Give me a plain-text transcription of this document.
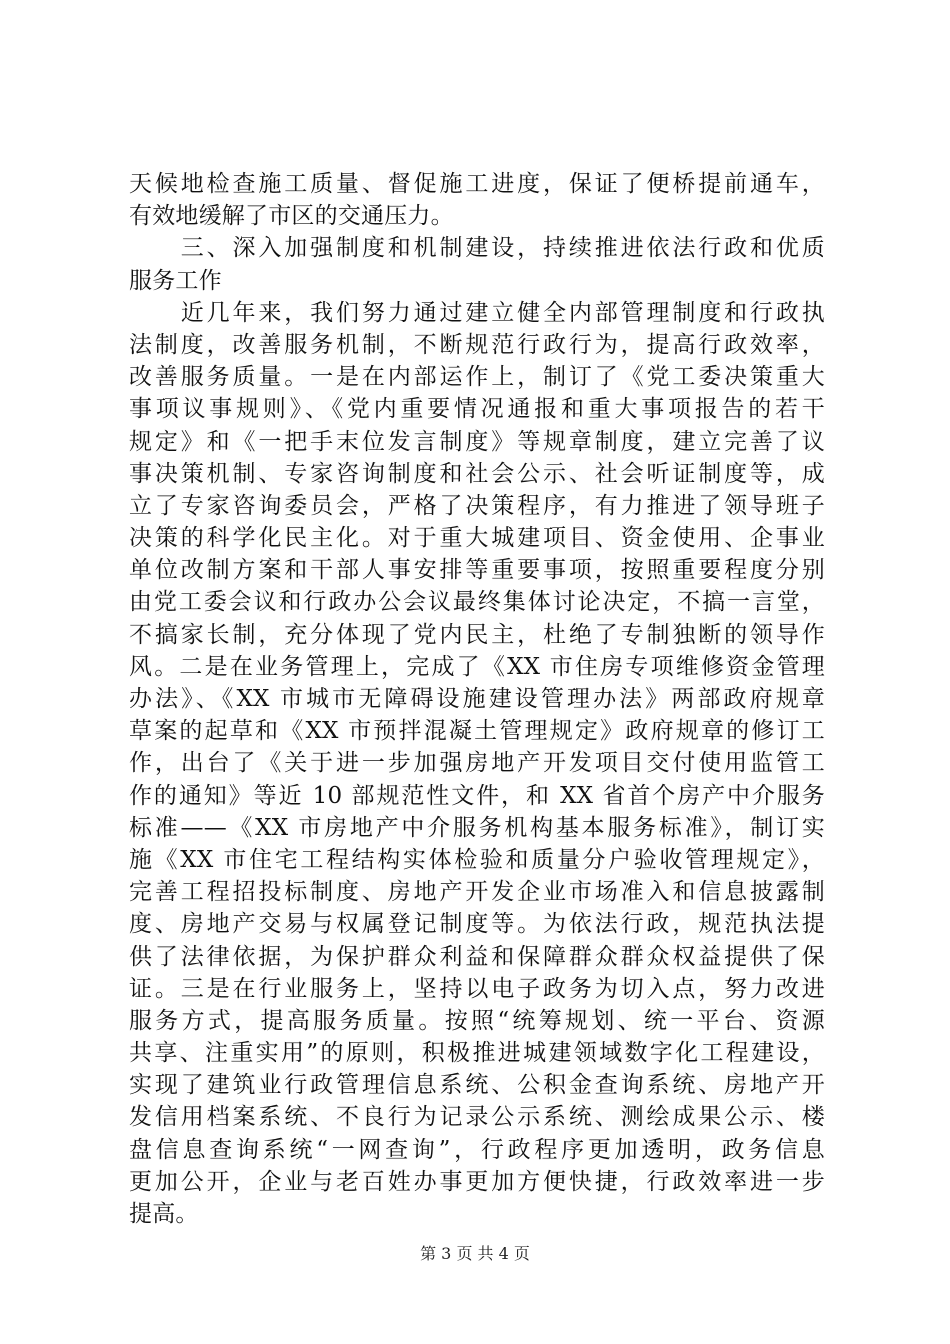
天候地检查施工质量、督促施工进度，保证了便桥提前通车，
有效地缓解了市区的交通压力。
　　三、深入加强制度和机制建设，持续推进依法行政和优质
服务工作
　　近几年来，我们努力通过建立健全内部管理制度和行政执
法制度，改善服务机制，不断规范行政行为，提高行政效率，
改善服务质量。一是在内部运作上，制订了《党工委决策重大
事项议事规则》、《党内重要情况通报和重大事项报告的若干
规定》和《一把手末位发言制度》等规章制度，建立完善了议
事决策机制、专家咨询制度和社会公示、社会听证制度等，成
立了专家咨询委员会，严格了决策程序，有力推进了领导班子
决策的科学化民主化。对于重大城建项目、资金使用、企事业
单位改制方案和干部人事安排等重要事项，按照重要程度分别
由党工委会议和行政办公会议最终集体讨论决定，不搞一言堂，
不搞家长制，充分体现了党内民主，杜绝了专制独断的领导作
风。二是在业务管理上，完成了《XX 市住房专项维修资金管理
办法》、《XX 市城市无障碍设施建设管理办法》两部政府规章
草案的起草和《XX 市预拌混凝土管理规定》政府规章的修订工
作，出台了《关于进一步加强房地产开发项目交付使用监管工
作的通知》等近 10 部规范性文件，和 XX 省首个房产中介服务
标准——《XX 市房地产中介服务机构基本服务标准》，制订实
施《XX 市住宅工程结构实体检验和质量分户验收管理规定》，
完善工程招投标制度、房地产开发企业市场准入和信息披露制
度、房地产交易与权属登记制度等。为依法行政，规范执法提
供了法律依据，为保护群众利益和保障群众群众权益提供了保
证。三是在行业服务上，坚持以电子政务为切入点，努力改进
服务方式，提高服务质量。按照“统筹规划、统一平台、资源
共享、注重实用”的原则，积极推进城建领域数字化工程建设，
实现了建筑业行政管理信息系统、公积金查询系统、房地产开
发信用档案系统、不良行为记录公示系统、测绘成果公示、楼
盘信息查询系统“一网查询”，行政程序更加透明，政务信息
更加公开，企业与老百姓办事更加方便快捷，行政效率进一步
提高。
第 3 页 共 4 页
